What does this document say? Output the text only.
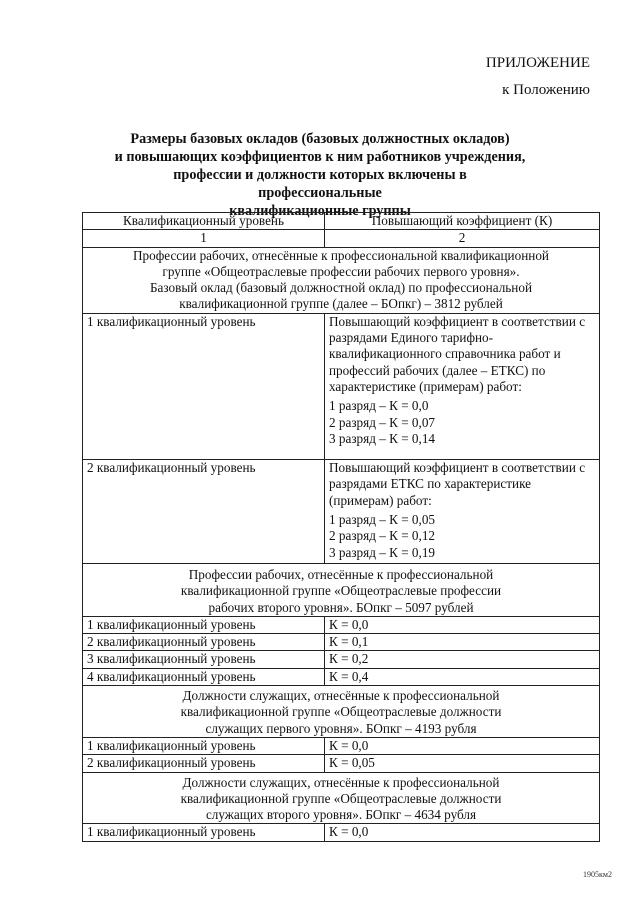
ПРИЛОЖЕНИЕ
к Положению
Размеры базовых окладов (базовых должностных окладов)
и повышающих коэффициентов к ним работников учреждения,
профессии и должности которых включены в профессиональные
квалификационные группы
Квалификационный уровень	Повышающий коэффициент (К)
1	2

Профессии рабочих, отнесённые к профессиональной квалификационной
группе «Общеотраслевые профессии рабочих первого уровня».
Базовый оклад (базовый должностной оклад) по профессиональной
квалификационной группе (далее – БОпкг) – 3812 рублей	

1 квалификационный уровень	Повышающий коэффициент в соответствии с разрядами Единого тарифно-квалификационного справочника работ и профессий рабочих (далее – ЕТКС) по характеристике (примерам) работ:
1 разряд – К = 0,0
2 разряд – К = 0,07
3 разряд – К = 0,14

2 квалификационный уровень	Повышающий коэффициент в соответствии с разрядами ЕТКС по характеристике (примерам) работ:
1 разряд – К = 0,05
2 разряд – К = 0,12
3 разряд – К = 0,19

Профессии рабочих, отнесённые к профессиональной
квалификационной группе «Общеотраслевые профессии
рабочих второго уровня». БОпкг – 5097 рублей	

1 квалификационный уровень	К = 0,0
2 квалификационный уровень	К = 0,1
3 квалификационный уровень	К = 0,2
4 квалификационный уровень	К = 0,4

Должности служащих, отнесённые к профессиональной
квалификационной группе «Общеотраслевые должности
служащих первого уровня». БОпкг – 4193 рубля	

1 квалификационный уровень	К = 0,0
2 квалификационный уровень	К = 0,05

Должности служащих, отнесённые к профессиональной
квалификационной группе «Общеотраслевые должности
служащих второго уровня». БОпкг – 4634 рубля	

1 квалификационный уровень	К = 0,0
1905км2
